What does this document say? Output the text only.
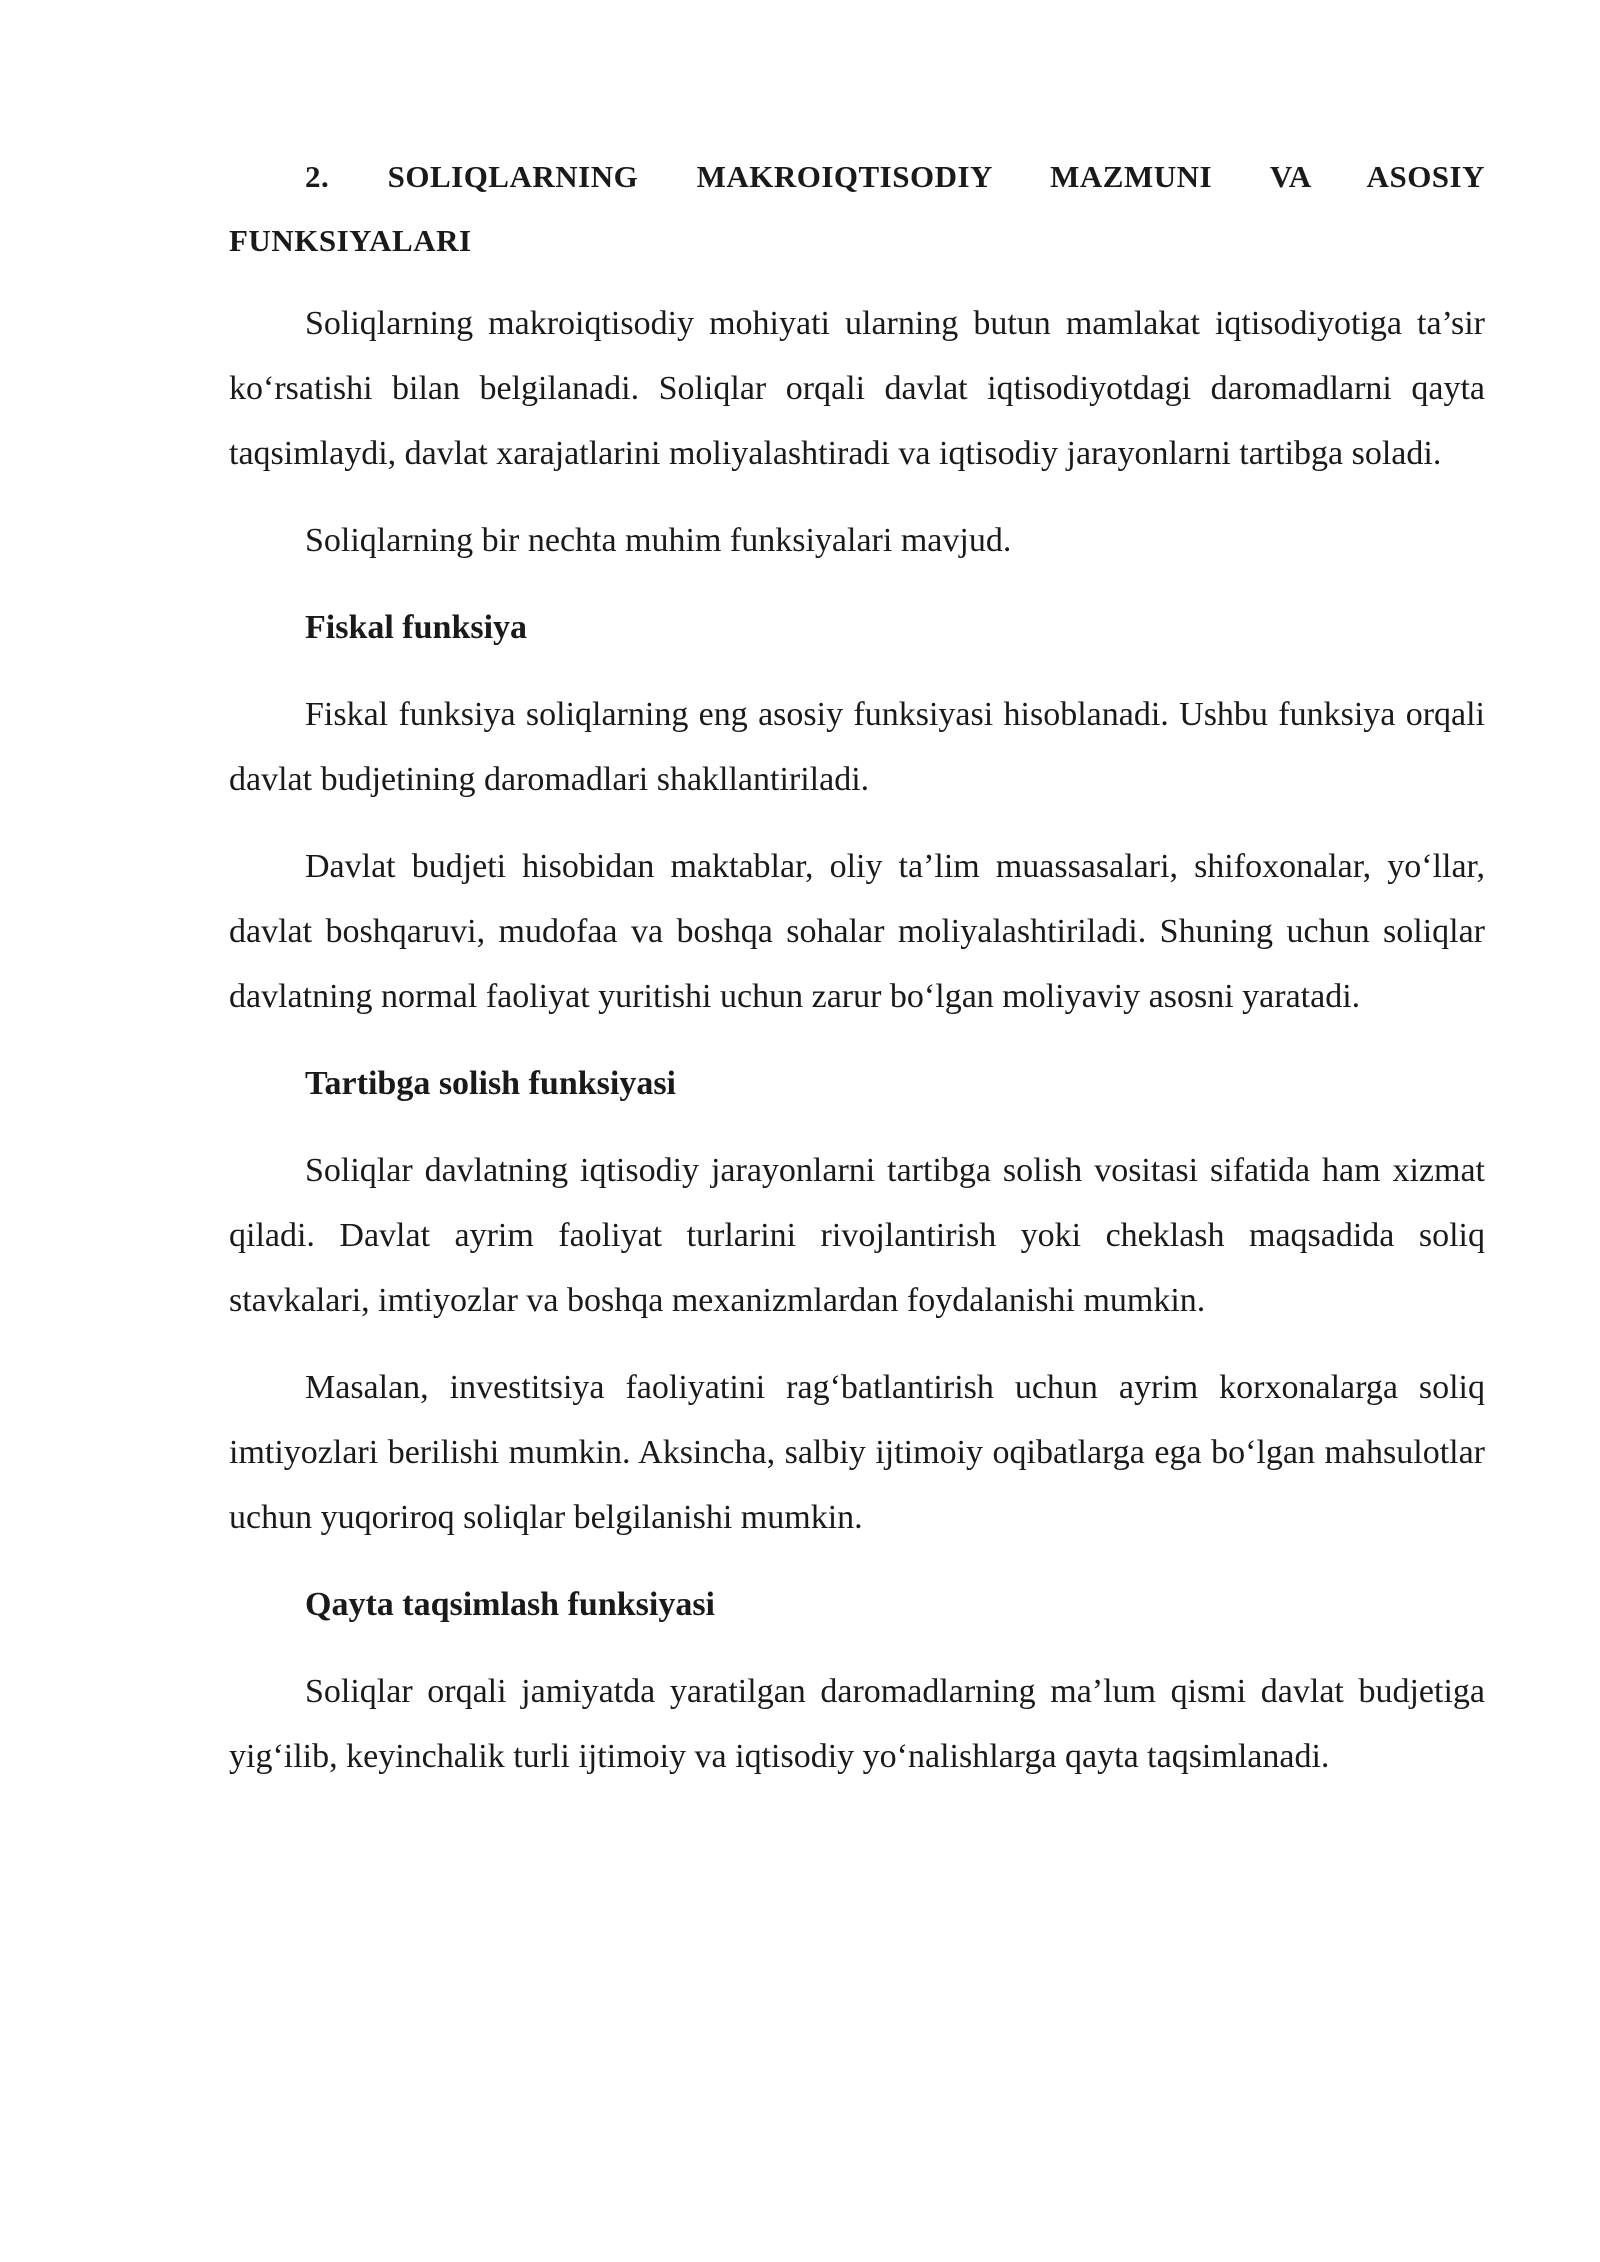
2. SOLIQLARNING MAKROIQTISODIY MAZMUNI VA ASOSIY FUNKSIYALARI

Soliqlarning makroiqtisodiy mohiyati ularning butun mamlakat iqtisodiyotiga ta’sir ko‘rsatishi bilan belgilanadi. Soliqlar orqali davlat iqtisodiyotdagi daromadlarni qayta taqsimlaydi, davlat xarajatlarini moliyalashtiradi va iqtisodiy jarayonlarni tartibga soladi.

Soliqlarning bir nechta muhim funksiyalari mavjud.

Fiskal funksiya

Fiskal funksiya soliqlarning eng asosiy funksiyasi hisoblanadi. Ushbu funksiya orqali davlat budjetining daromadlari shakllantiriladi.

Davlat budjeti hisobidan maktablar, oliy ta’lim muassasalari, shifoxonalar, yo‘llar, davlat boshqaruvi, mudofaa va boshqa sohalar moliyalashtiriladi. Shuning uchun soliqlar davlatning normal faoliyat yuritishi uchun zarur bo‘lgan moliyaviy asosni yaratadi.

Tartibga solish funksiyasi

Soliqlar davlatning iqtisodiy jarayonlarni tartibga solish vositasi sifatida ham xizmat qiladi. Davlat ayrim faoliyat turlarini rivojlantirish yoki cheklash maqsadida soliq stavkalari, imtiyozlar va boshqa mexanizmlardan foydalanishi mumkin.

Masalan, investitsiya faoliyatini rag‘batlantirish uchun ayrim korxonalarga soliq imtiyozlari berilishi mumkin. Aksincha, salbiy ijtimoiy oqibatlarga ega bo‘lgan mahsulotlar uchun yuqoriroq soliqlar belgilanishi mumkin.

Qayta taqsimlash funksiyasi

Soliqlar orqali jamiyatda yaratilgan daromadlarning ma’lum qismi davlat budjetiga yig‘ilib, keyinchalik turli ijtimoiy va iqtisodiy yo‘nalishlarga qayta taqsimlanadi.
